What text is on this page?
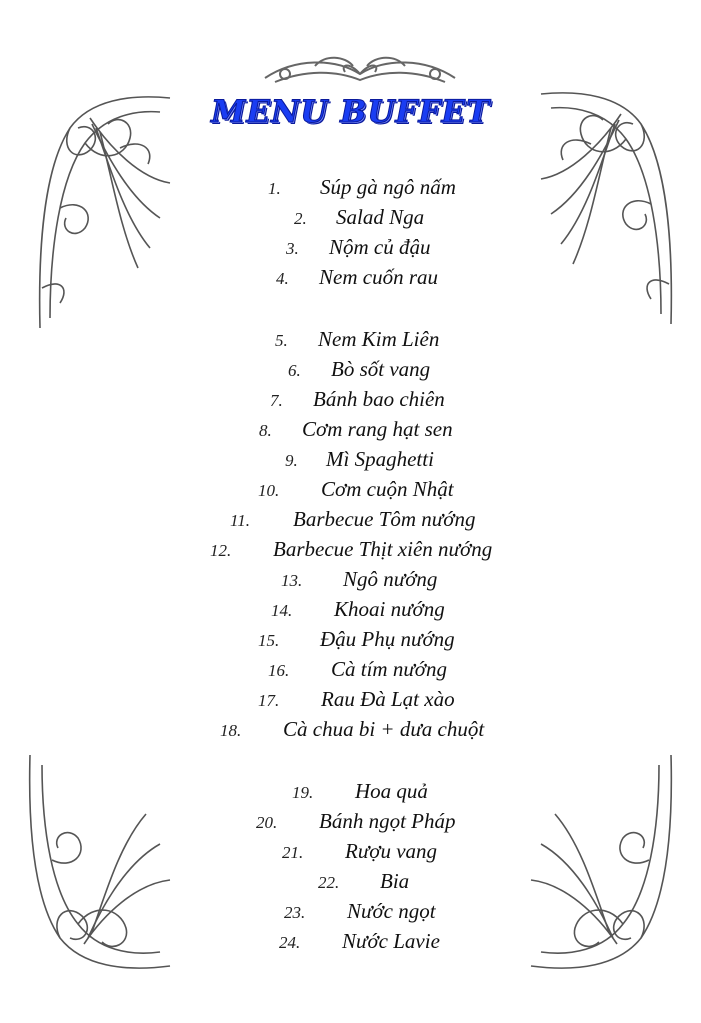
MENU BUFFET
1. Súp gà ngô nấm
2. Salad Nga
3. Nộm củ đậu
4. Nem cuốn rau
5. Nem Kim Liên
6. Bò sốt vang
7. Bánh bao chiên
8. Cơm rang hạt sen
9. Mì Spaghetti
10. Cơm cuộn Nhật
11. Barbecue Tôm nướng
12. Barbecue Thịt xiên nướng
13. Ngô nướng
14. Khoai nướng
15. Đậu Phụ nướng
16. Cà tím nướng
17. Rau Đà Lạt xào
18. Cà chua bi + dưa chuột
19. Hoa quả
20. Bánh ngọt Pháp
21. Rượu vang
22. Bia
23. Nước ngọt
24. Nước Lavie
